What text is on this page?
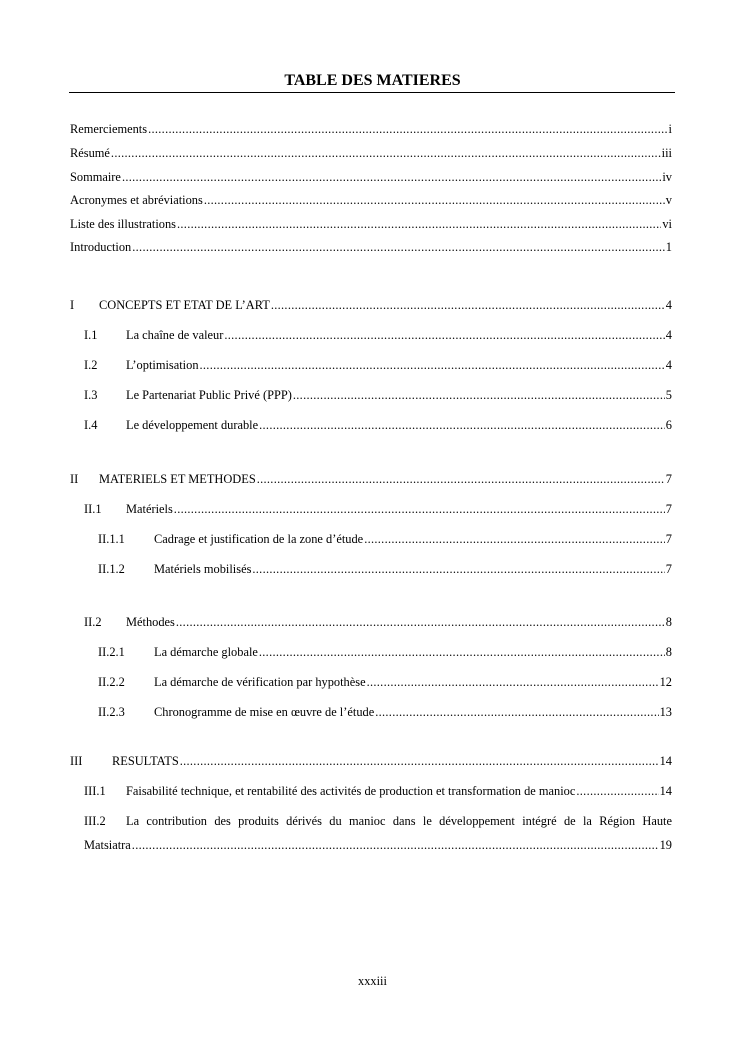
TABLE DES MATIERES
Remerciements .....	i
Résumé .....	iii
Sommaire .....	iv
Acronymes et abréviations .....	v
Liste des illustrations .....	vi
Introduction .....	1
I CONCEPTS ET ETAT DE L’ART .....	4
I.1 La chaîne de valeur .....	4
I.2 L’optimisation .....	4
I.3 Le Partenariat Public Privé (PPP) .....	5
I.4 Le développement durable .....	6
II MATERIELS ET METHODES .....	7
II.1 Matériels .....	7
II.1.1 Cadrage et justification de la zone d’étude .....	7
II.1.2 Matériels mobilisés .....	7
II.2 Méthodes .....	8
II.2.1 La démarche globale .....	8
II.2.2 La démarche de vérification par hypothèse .....	12
II.2.3 Chronogramme de mise en œuvre de l’étude .....	13
III RESULTATS .....	14
III.1 Faisabilité technique, et rentabilité des activités de production et transformation de manioc .....	14
III.2 La contribution des produits dérivés du manioc dans le développement intégré de la Région Haute
Matsiatra .....	19
xxxiii
